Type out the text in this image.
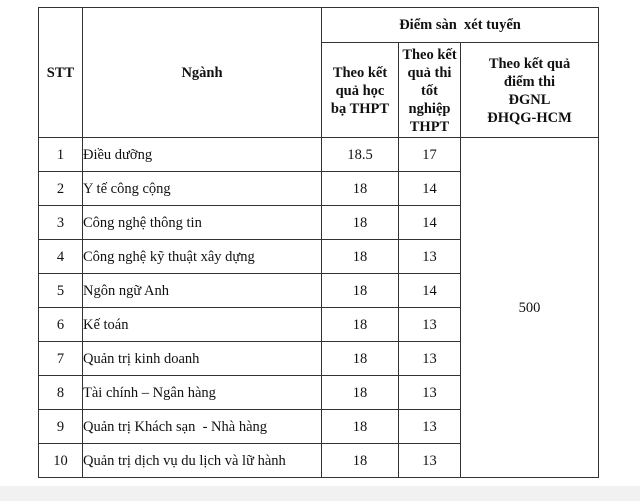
STT	Ngành	Điểm sàn  xét tuyển		

		Theo kết
quả học
bạ THPT	Theo kết
quả thi tốt
nghiệp
THPT	Theo kết quả
điểm thi
ĐGNL
ĐHQG-HCM

1	Điều dưỡng	18.5	17	500
2	Y tế công cộng	18	14	
3	Công nghệ thông tin	18	14	
4	Công nghệ kỹ thuật xây dựng	18	13	
5	Ngôn ngữ Anh	18	14	
6	Kế toán	18	13	
7	Quản trị kinh doanh	18	13	
8	Tài chính – Ngân hàng	18	13	
9	Quản trị Khách sạn  - Nhà hàng	18	13	
10	Quản trị dịch vụ du lịch và lữ hành	18	13	
